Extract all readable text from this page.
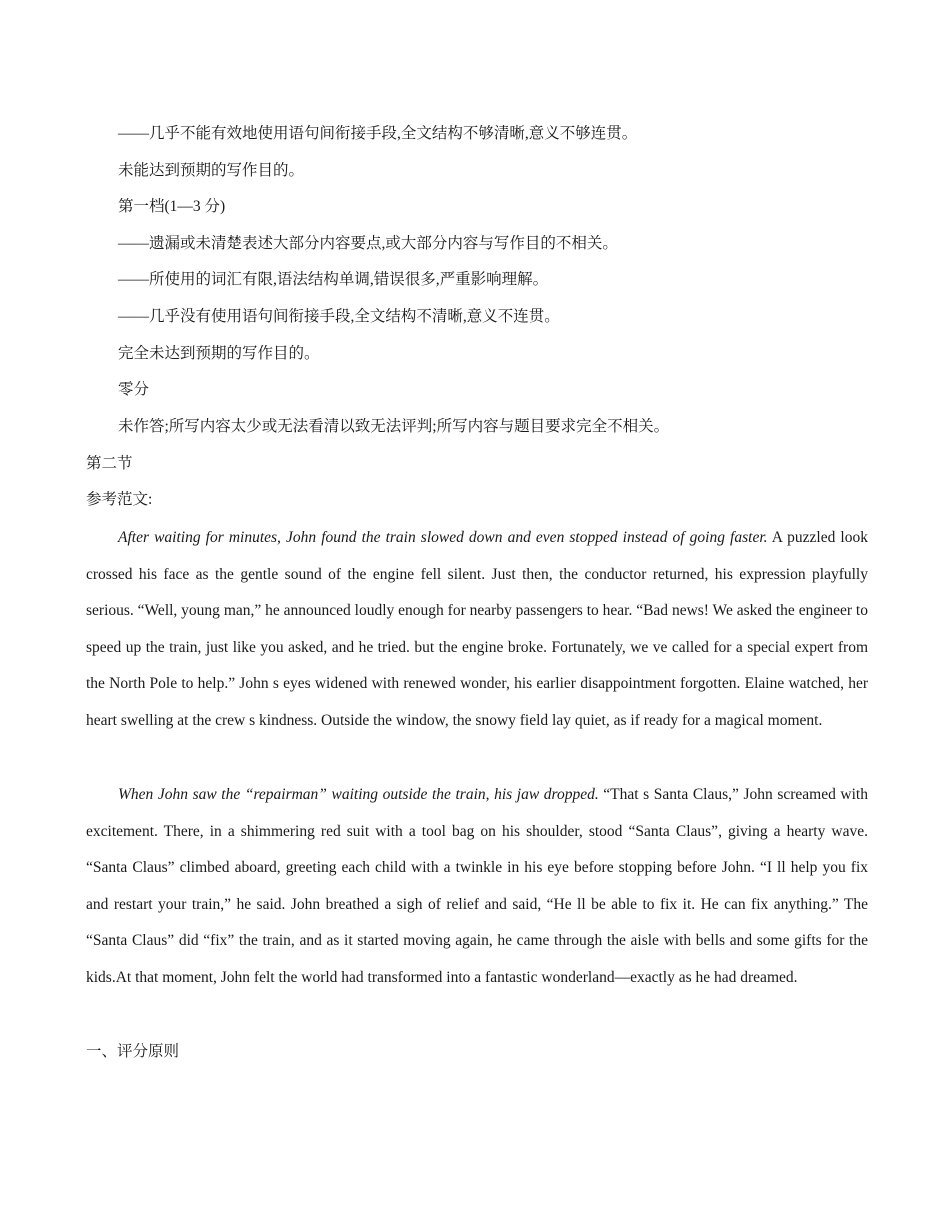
——几乎不能有效地使用语句间衔接手段,全文结构不够清晰,意义不够连贯。
未能达到预期的写作目的。
第一档(1—3 分)
——遗漏或未清楚表述大部分内容要点,或大部分内容与写作目的不相关。
——所使用的词汇有限,语法结构单调,错误很多,严重影响理解。
——几乎没有使用语句间衔接手段,全文结构不清晰,意义不连贯。
完全未达到预期的写作目的。
零分
未作答;所写内容太少或无法看清以致无法评判;所写内容与题目要求完全不相关。
第二节
参考范文:
After waiting for minutes, John found the train slowed down and even stopped instead of going faster. A puzzled look crossed his face as the gentle sound of the engine fell silent. Just then, the conductor returned, his expression playfully serious. “Well, young man,” he announced loudly enough for nearby passengers to hear. “Bad news! We asked the engineer to speed up the train, just like you asked, and he tried. but the engine broke. Fortunately, we ve called for a special expert from the North Pole to help.” John s eyes widened with renewed wonder, his earlier disappointment forgotten. Elaine watched, her heart swelling at the crew s kindness. Outside the window, the snowy field lay quiet, as if ready for a magical moment.
When John saw the “repairman” waiting outside the train, his jaw dropped. “That s Santa Claus,” John screamed with excitement. There, in a shimmering red suit with a tool bag on his shoulder, stood “Santa Claus”, giving a hearty wave. “Santa Claus” climbed aboard, greeting each child with a twinkle in his eye before stopping before John. “I ll help you fix and restart your train,” he said. John breathed a sigh of relief and said, “He ll be able to fix it. He can fix anything.” The “Santa Claus” did “fix” the train, and as it started moving again, he came through the aisle with bells and some gifts for the kids.At that moment, John felt the world had transformed into a fantastic wonderland—exactly as he had dreamed.
一、评分原则
